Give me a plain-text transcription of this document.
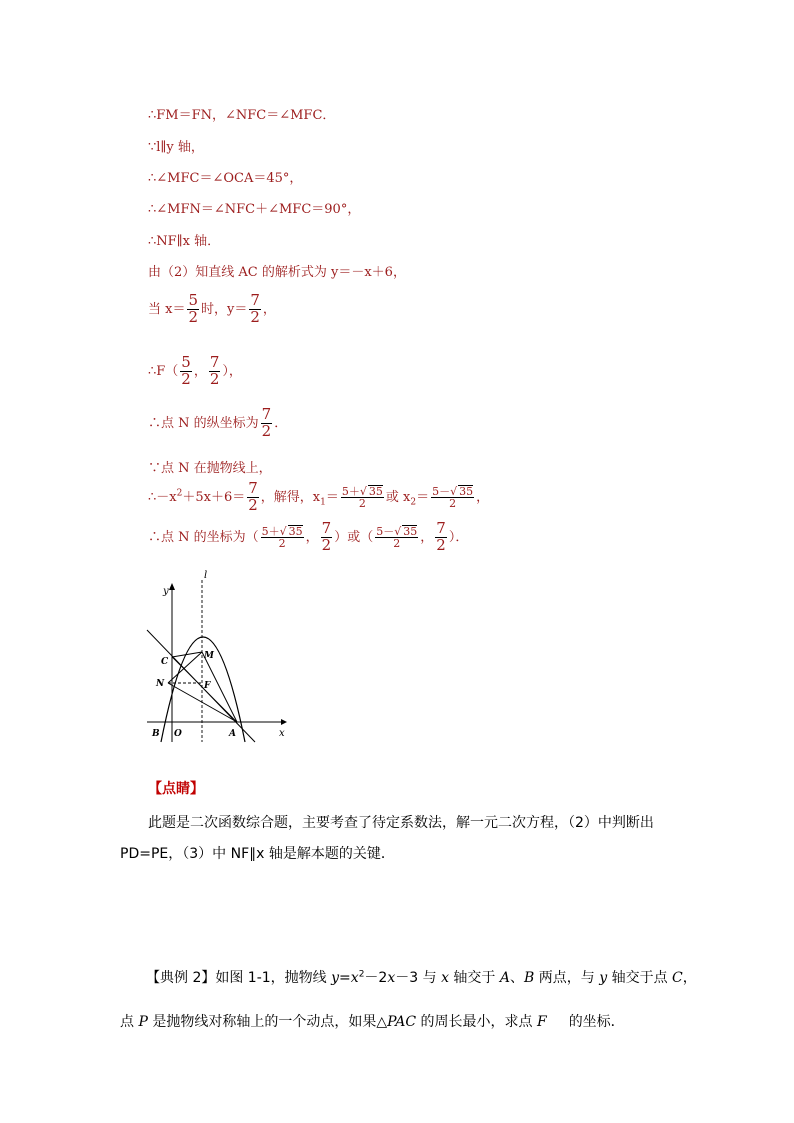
∴FM＝FN，∠NFC＝∠MFC．
∵l∥y 轴，
∴∠MFC＝∠OCA＝45°，
∴∠MFN＝∠NFC＋∠MFC＝90°，
∴NF∥x 轴．
由（2）知直线 AC 的解析式为 y＝－x＋6，
当 $x= \frac{5}{2}$ 时，$y= \frac{7}{2}$ ，
∴F（ $\frac{5}{2}$ ， $\frac{7}{2}$ ），
∴点 N 的纵坐标为 $\frac{7}{2}$ ．
∵点 N 在抛物线上，
$\therefore-x^2+5x+6= \frac{7}{2}$ ，解得，$x_1= \frac{5+√ 35}{2}$ 或 $x_2= \frac{5-√ 35}{2}$ ，
∴点 N 的坐标为（ $\frac{5+√ 35}{2}$ ， $\frac{7}{2}$ ）或（ $\frac{5-√ 35}{2}$ ， $\frac{7}{2}$ ）．
l
y
x
M
C
N	F
B O	A
【点睛】
此题是二次函数综合题，主要考查了待定系数法，解一元二次方程，（2）中判断出
PD=PE，（3）中 NF∥x 轴是解本题的关键．
【典例 2】如图 1-1，抛物线 $y=x^2-2x-3$ 与 x 轴交于 A、B 两点，与 y 轴交于点 C，
点 P 是抛物线对称轴上的一个动点，如果△PAC 的周长最小，求点 F 的坐标．
